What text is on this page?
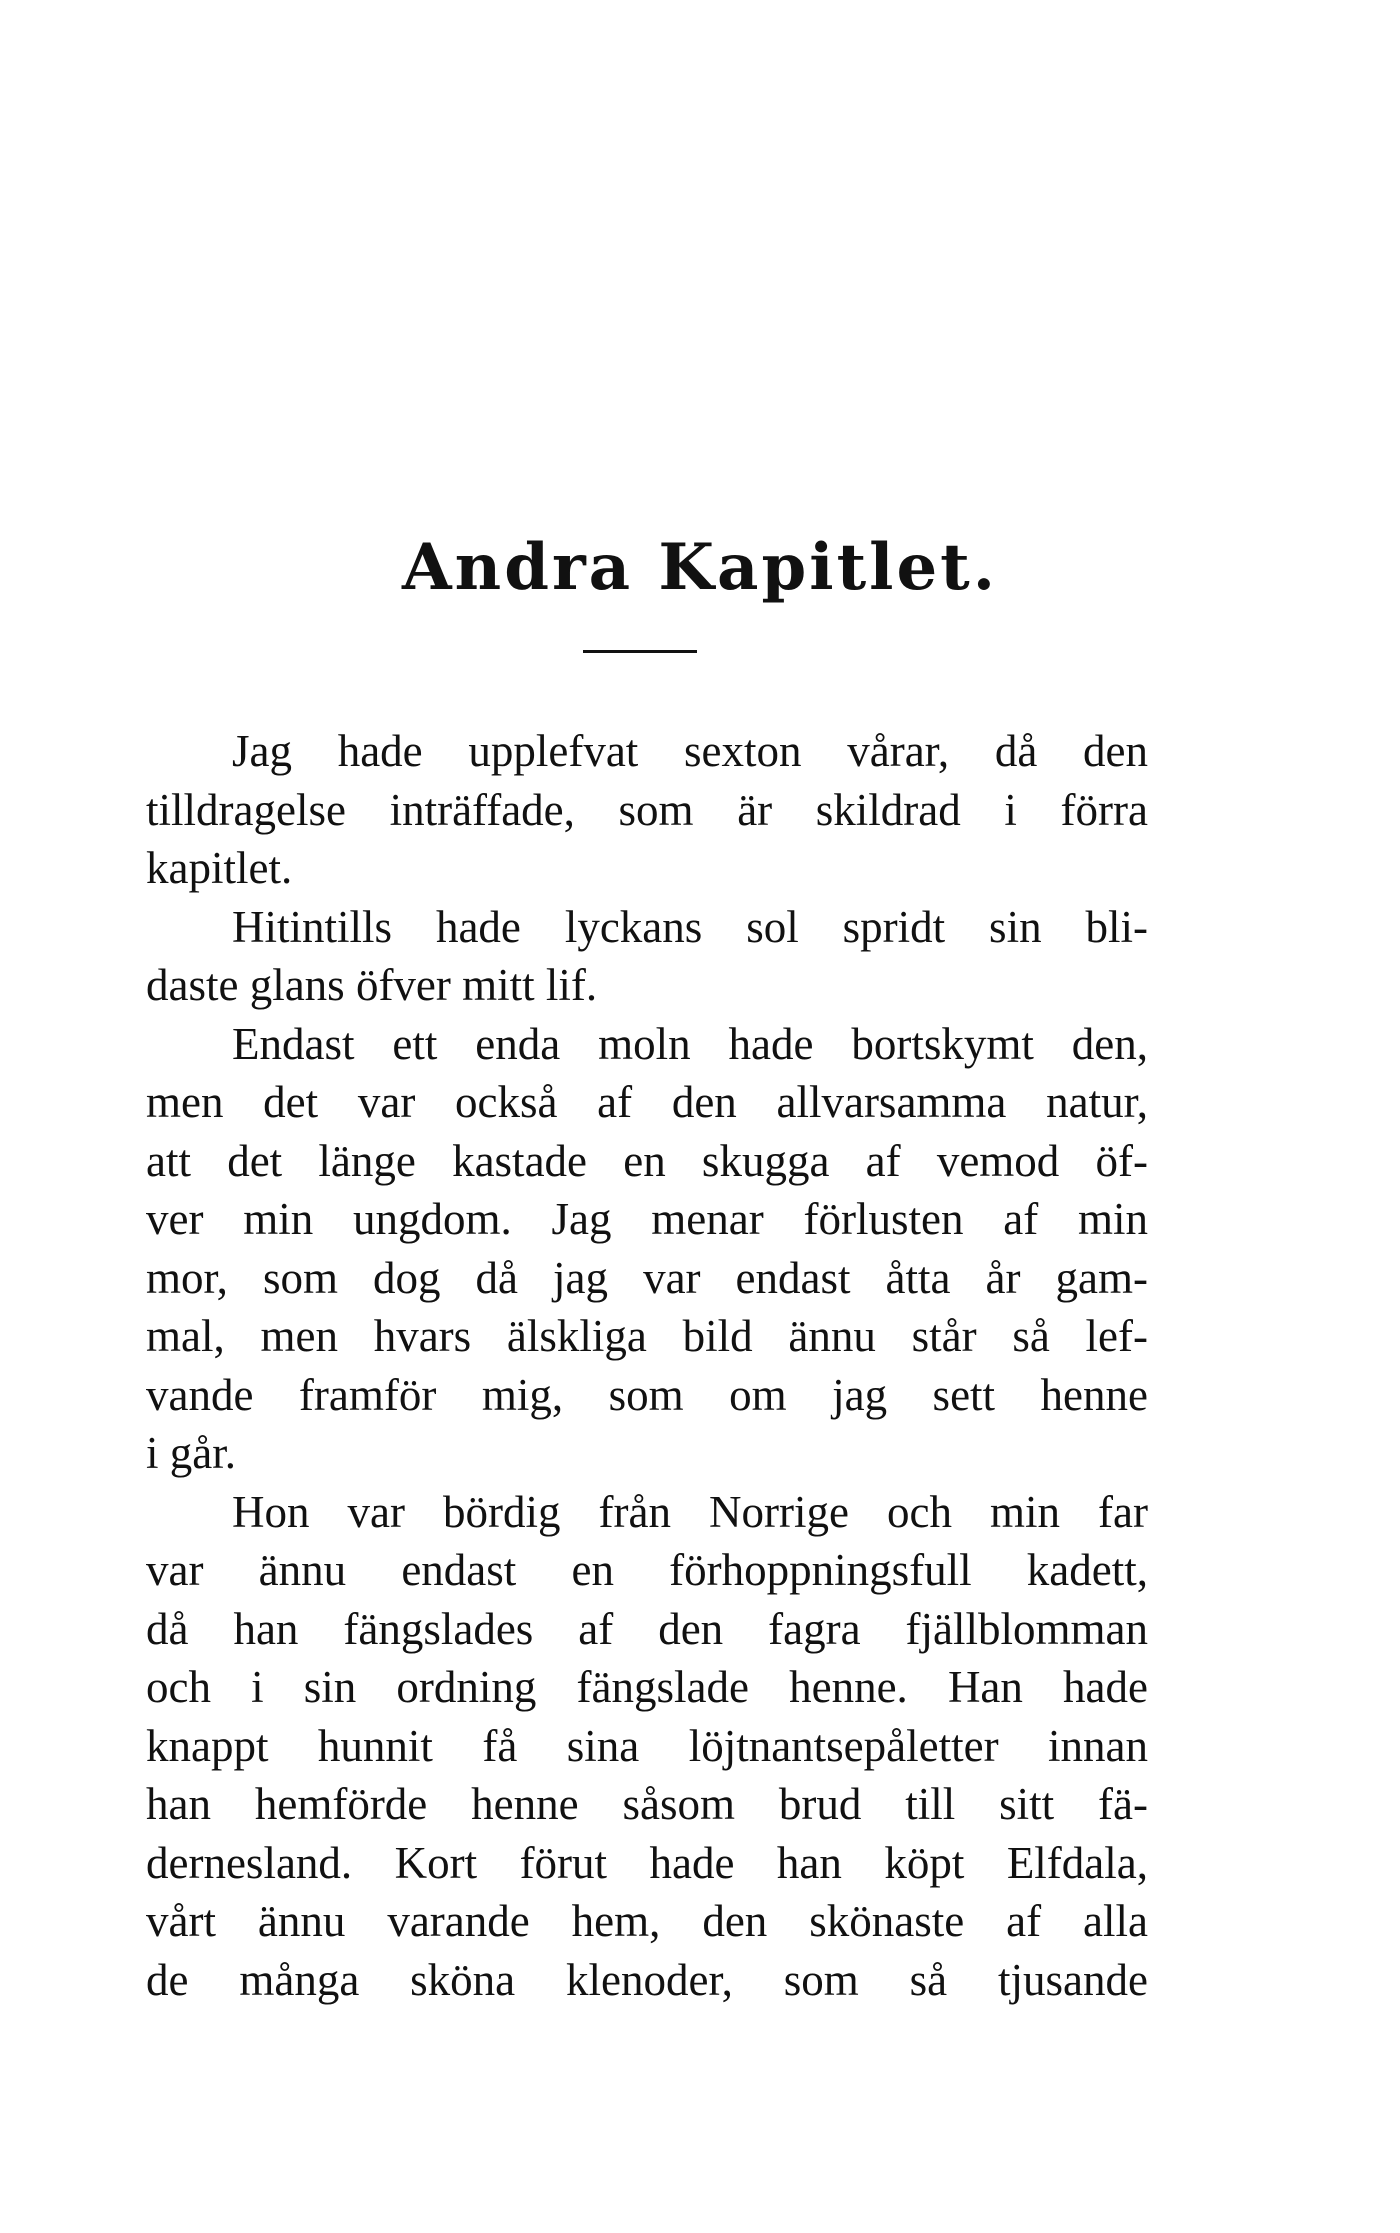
Andra Kapitlet.
Jag hade upplefvat sexton vårar, då den
tilldragelse inträffade, som är skildrad i förra
kapitlet.
Hitintills hade lyckans sol spridt sin bli-
daste glans öfver mitt lif.
Endast ett enda moln hade bortskymt den,
men det var också af den allvarsamma natur,
att det länge kastade en skugga af vemod öf-
ver min ungdom. Jag menar förlusten af min
mor, som dog då jag var endast åtta år gam-
mal, men hvars älskliga bild ännu står så lef-
vande framför mig, som om jag sett henne
i går.
Hon var bördig från Norrige och min far
var ännu endast en förhoppningsfull kadett,
då han fängslades af den fagra fjällblomman
och i sin ordning fängslade henne. Han hade
knappt hunnit få sina löjtnantsepåletter innan
han hemförde henne såsom brud till sitt fä-
dernesland. Kort förut hade han köpt Elfdala,
vårt ännu varande hem, den skönaste af alla
de många sköna klenoder, som så tjusande
